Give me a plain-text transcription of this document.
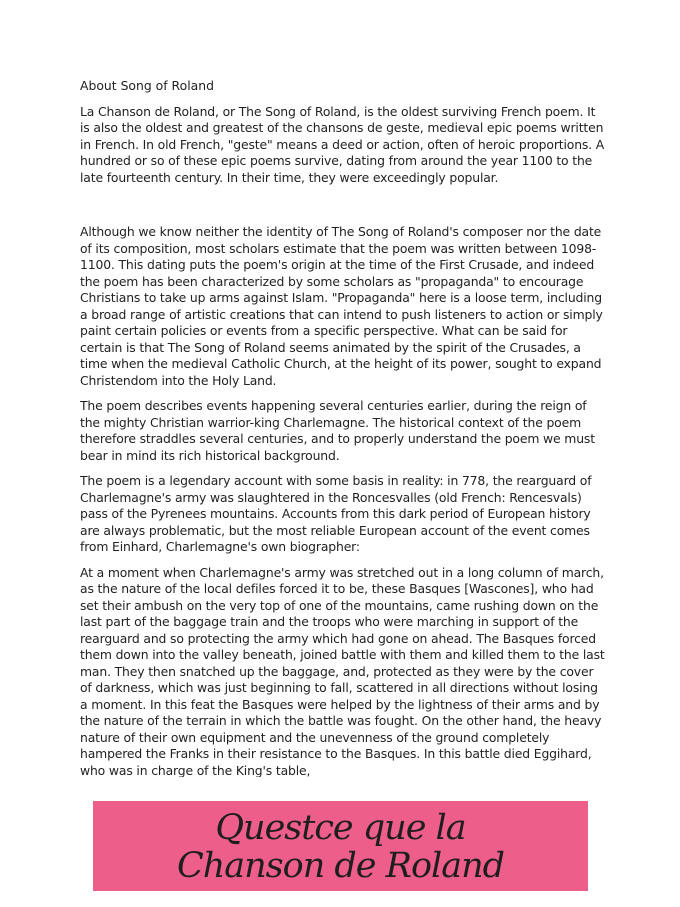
About Song of Roland

La Chanson de Roland, or The Song of Roland, is the oldest surviving French poem. It is also the oldest and greatest of the chansons de geste, medieval epic poems written in French. In old French, "geste" means a deed or action, often of heroic proportions. A hundred or so of these epic poems survive, dating from around the year 1100 to the late fourteenth century. In their time, they were exceedingly popular.

Although we know neither the identity of The Song of Roland's composer nor the date of its composition, most scholars estimate that the poem was written between 1098-1100. This dating puts the poem's origin at the time of the First Crusade, and indeed the poem has been characterized by some scholars as "propaganda" to encourage Christians to take up arms against Islam. "Propaganda" here is a loose term, including a broad range of artistic creations that can intend to push listeners to action or simply paint certain policies or events from a specific perspective. What can be said for certain is that The Song of Roland seems animated by the spirit of the Crusades, a time when the medieval Catholic Church, at the height of its power, sought to expand Christendom into the Holy Land.

The poem describes events happening several centuries earlier, during the reign of the mighty Christian warrior-king Charlemagne. The historical context of the poem therefore straddles several centuries, and to properly understand the poem we must bear in mind its rich historical background.

The poem is a legendary account with some basis in reality: in 778, the rearguard of Charlemagne's army was slaughtered in the Roncesvalles (old French: Rencesvals) pass of the Pyrenees mountains. Accounts from this dark period of European history are always problematic, but the most reliable European account of the event comes from Einhard, Charlemagne's own biographer:

At a moment when Charlemagne's army was stretched out in a long column of march, as the nature of the local defiles forced it to be, these Basques [Wascones], who had set their ambush on the very top of one of the mountains, came rushing down on the last part of the baggage train and the troops who were marching in support of the rearguard and so protecting the army which had gone on ahead. The Basques forced them down into the valley beneath, joined battle with them and killed them to the last man. They then snatched up the baggage, and, protected as they were by the cover of darkness, which was just beginning to fall, scattered in all directions without losing a moment. In this feat the Basques were helped by the lightness of their arms and by the nature of the terrain in which the battle was fought. On the other hand, the heavy nature of their own equipment and the unevenness of the ground completely hampered the Franks in their resistance to the Basques. In this battle died Eggihard, who was in charge of the King's table,

Questce que la
Chanson de Roland
